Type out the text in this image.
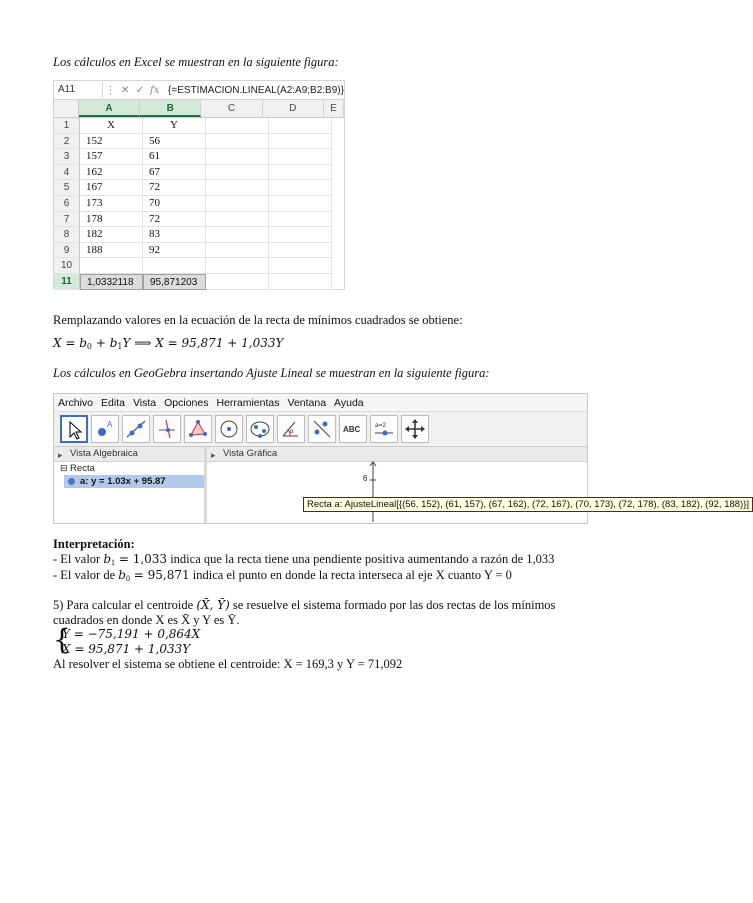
Los cálculos en Excel se muestran en la siguiente figura:
A11	⋮ ✕ ✓ fx {=ESTIMACION.LINEAL(A2:A9;B2:B9)}
A	B	C	D	E
1	X	Y
2	152	56
3	157	61
4	162	67
5	167	72
6	173	70
7	178	72
8	182	83
9	188	92
10
11	1,0332118	95,871203
Remplazando valores en la ecuación de la recta de mínimos cuadrados se obtiene:
$X = b_0 + b_1Y$ ⟹ X = 95,871 + 1,033Y
Los cálculos en GeoGebra insertando Ajuste Lineal se muestran en la siguiente figura:
Archivo Edita Vista Opciones Herramientas Ventana Ayuda
A
α	ABC a=2
▸ Vista Algebraica
⊟ Recta
a: y = 1.03x + 95.87
▸ Vista Gráfica
6
Recta a: AjusteLineal[{(56, 152), (61, 157), (67, 162), (72, 167), (70, 173), (72, 178), (83, 182), (92, 188)}]
Interpretación:
- El valor $b_1 = 1,033$ indica que la recta tiene una pendiente positiva aumentando a razón de 1,033
- El valor de $b_0 = 95,871$ indica el punto en donde la recta interseca al eje X cuanto Y = 0
5) Para calcular el centroide (X̄, Ȳ) se resuelve el sistema formado por las dos rectas de los mínimos
cuadrados en donde X es X̄ y Y es Ȳ.
{
Y = −75,191 + 0,864X
X = 95,871 + 1,033Y
Al resolver el sistema se obtiene el centroide: X = 169,3 y Y = 71,092
